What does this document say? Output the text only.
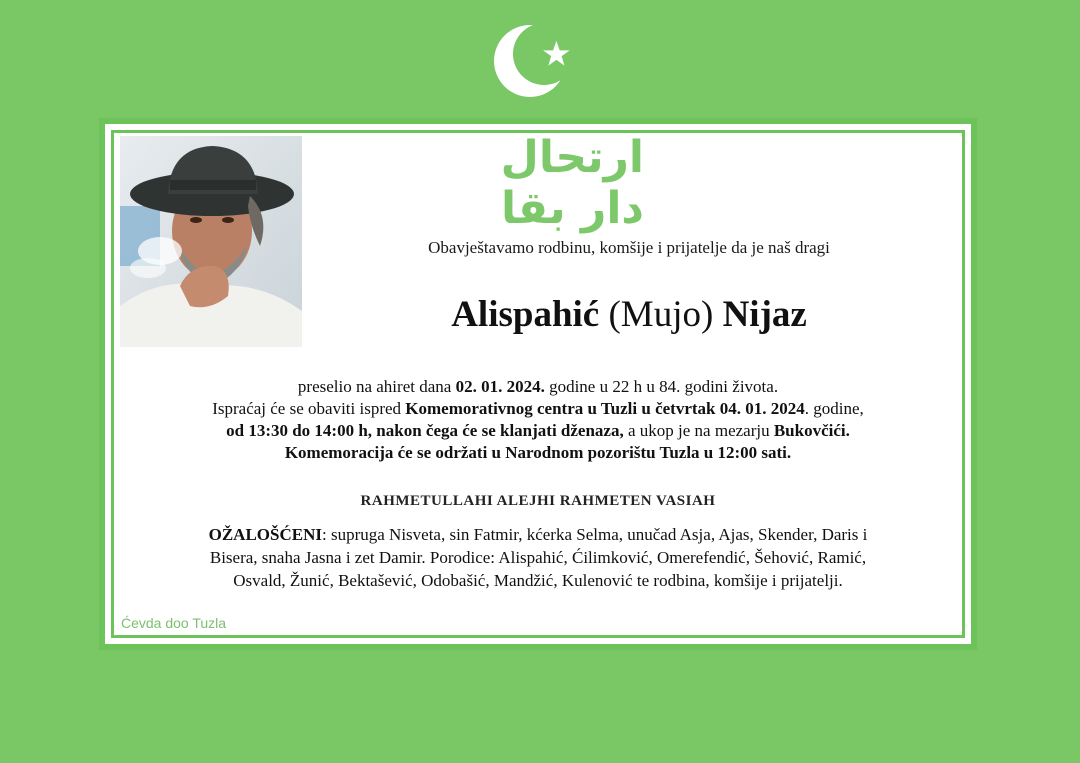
ارتحال دار بقا
Obavještavamo rodbinu, komšije i prijatelje da je naš dragi
Alispahić (Mujo) Nijaz
preselio na ahiret dana 02. 01. 2024. godine u 22 h u 84. godini života.
Ispraćaj će se obaviti ispred Komemorativnog centra u Tuzli u četvrtak 04. 01. 2024. godine,
od 13:30 do 14:00 h, nakon čega će se klanjati dženaza, a ukop je na mezarju Bukovčići.
Komemoracija će se održati u Narodnom pozorištu Tuzla u 12:00 sati.
RAHMETULLAHI ALEJHI RAHMETEN VASIAH
OŽALOŠĆENI: supruga Nisveta, sin Fatmir, kćerka Selma, unučad Asja, Ajas, Skender, Daris i
Bisera, snaha Jasna i zet Damir. Porodice: Alispahić, Ćilimković, Omerefendić, Šehović, Ramić,
Osvald, Žunić, Bektašević, Odobašić, Mandžić, Kulenović te rodbina, komšije i prijatelji.
Ćevda doo Tuzla
